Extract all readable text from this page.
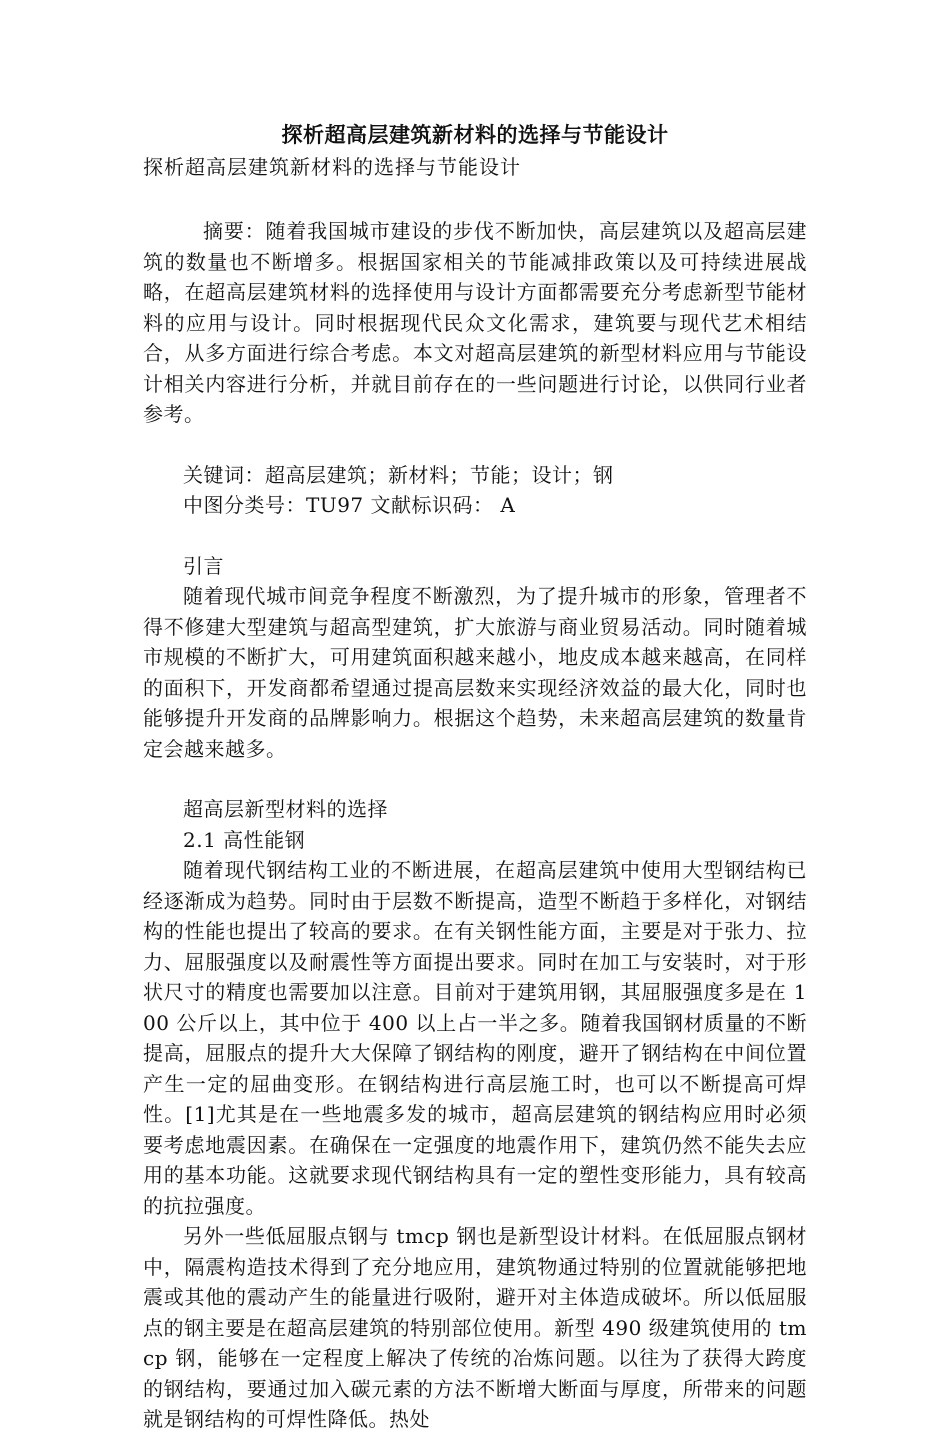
探析超高层建筑新材料的选择与节能设计

探析超高层建筑新材料的选择与节能设计

摘要：随着我国城市建设的步伐不断加快，高层建筑以及超高层建筑的数量也不断增多。根据国家相关的节能减排政策以及可持续进展战略，在超高层建筑材料的选择使用与设计方面都需要充分考虑新型节能材料的应用与设计。同时根据现代民众文化需求，建筑要与现代艺术相结合，从多方面进行综合考虑。本文对超高层建筑的新型材料应用与节能设计相关内容进行分析，并就目前存在的一些问题进行讨论，以供同行业者参考。

关键词：超高层建筑；新材料；节能；设计；钢

中图分类号：TU97 文献标识码： A

引言

随着现代城市间竞争程度不断激烈，为了提升城市的形象，管理者不得不修建大型建筑与超高型建筑，扩大旅游与商业贸易活动。同时随着城市规模的不断扩大，可用建筑面积越来越小，地皮成本越来越高，在同样的面积下，开发商都希望通过提高层数来实现经济效益的最大化，同时也能够提升开发商的品牌影响力。根据这个趋势，未来超高层建筑的数量肯定会越来越多。

超高层新型材料的选择

2.1 高性能钢

随着现代钢结构工业的不断进展，在超高层建筑中使用大型钢结构已经逐渐成为趋势。同时由于层数不断提高，造型不断趋于多样化，对钢结构的性能也提出了较高的要求。在有关钢性能方面，主要是对于张力、拉力、屈服强度以及耐震性等方面提出要求。同时在加工与安装时，对于形状尺寸的精度也需要加以注意。目前对于建筑用钢，其屈服强度多是在 100 公斤以上，其中位于 400 以上占一半之多。随着我国钢材质量的不断提高，屈服点的提升大大保障了钢结构的刚度，避开了钢结构在中间位置产生一定的屈曲变形。在钢结构进行高层施工时，也可以不断提高可焊性。[1]尤其是在一些地震多发的城市，超高层建筑的钢结构应用时必须要考虑地震因素。在确保在一定强度的地震作用下，建筑仍然不能失去应用的基本功能。这就要求现代钢结构具有一定的塑性变形能力，具有较高的抗拉强度。

另外一些低屈服点钢与 tmcp 钢也是新型设计材料。在低屈服点钢材中，隔震构造技术得到了充分地应用，建筑物通过特别的位置就能够把地震或其他的震动产生的能量进行吸附，避开对主体造成破坏。所以低屈服点的钢主要是在超高层建筑的特别部位使用。新型 490 级建筑使用的 tmcp 钢，能够在一定程度上解决了传统的冶炼问题。以往为了获得大跨度的钢结构，要通过加入碳元素的方法不断增大断面与厚度，所带来的问题就是钢结构的可焊性降低。热处
